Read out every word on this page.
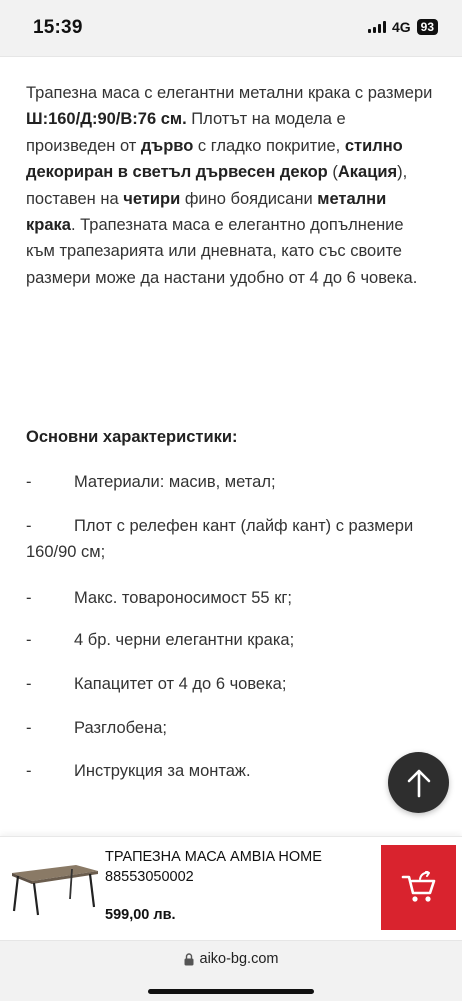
15:39	4G 93

Трапезна маса с елегантни метални крака с размери Ш:160/Д:90/В:76 см. Плотът на модела е произведен от дърво с гладко покритие, стилно декориран в светъл дървесен декор (Акация), поставен на четири фино боядисани метални крака. Трапезната маса е елегантно допълнение към трапезарията или дневната, като със своите размери може да настани удобно от 4 до 6 човека.

Основни характеристики:
-	Материали: масив, метал;
-	Плот с релефен кант (лайф кант) с размери 160/90 см;
-	Макс. товароносимост 55 кг;
-	4 бр. черни елегантни крака;
-	Капацитет от 4 до 6 човека;
-	Разглобена;
-	Инструкция за монтаж.
ТРАПЕЗНА МАСА AMBIA HOME 88553050002
599,00 лв.
aiko-bg.com
